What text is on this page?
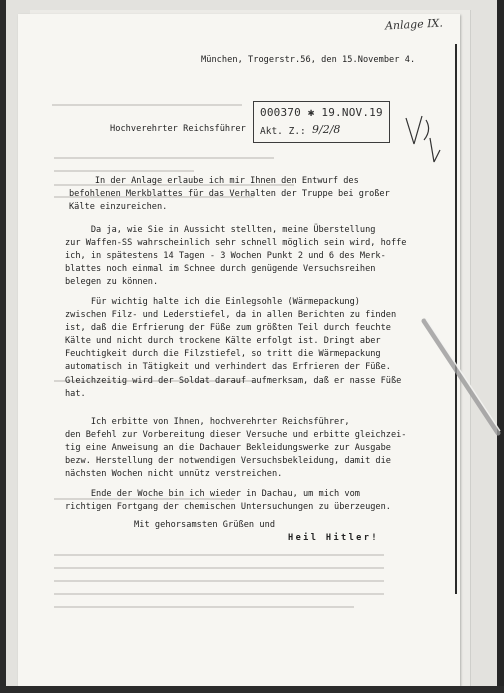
Anlage IX.
München, Trogerstr.56, den 15.November 4.
Hochverehrter Reichsführer
000370 ✱ 19.NOV.19
Akt. Z.: 9/2/8
In der Anlage erlaube ich mir Ihnen den Entwurf des
befohlenen Merkblattes für das Verhalten der Truppe bei großer
Kälte einzureichen.
Da ja, wie Sie in Aussicht stellten, meine Überstellung
zur Waffen-SS wahrscheinlich sehr schnell möglich sein wird, hoffe
ich, in spätestens 14 Tagen - 3 Wochen Punkt 2 und 6 des Merk-
blattes noch einmal im Schnee durch genügende Versuchsreihen
belegen zu können.
Für wichtig halte ich die Einlegsohle (Wärmepackung)
zwischen Filz- und Lederstiefel, da in allen Berichten zu finden
ist, daß die Erfrierung der Füße zum größten Teil durch feuchte
Kälte und nicht durch trockene Kälte erfolgt ist. Dringt aber
Feuchtigkeit durch die Filzstiefel, so tritt die Wärmepackung
automatisch in Tätigkeit und verhindert das Erfrieren der Füße.
Gleichzeitig wird der Soldat darauf aufmerksam, daß er nasse Füße
hat.
Ich erbitte von Ihnen, hochverehrter Reichsführer,
den Befehl zur Vorbereitung dieser Versuche und erbitte gleichzei-
tig eine Anweisung an die Dachauer Bekleidungswerke zur Ausgabe
bezw. Herstellung der notwendigen Versuchsbekleidung, damit die
nächsten Wochen nicht unnütz verstreichen.
Ende der Woche bin ich wieder in Dachau, um mich vom
richtigen Fortgang der chemischen Untersuchungen zu überzeugen.
Mit gehorsamsten Grüßen und
Heil Hitler!
